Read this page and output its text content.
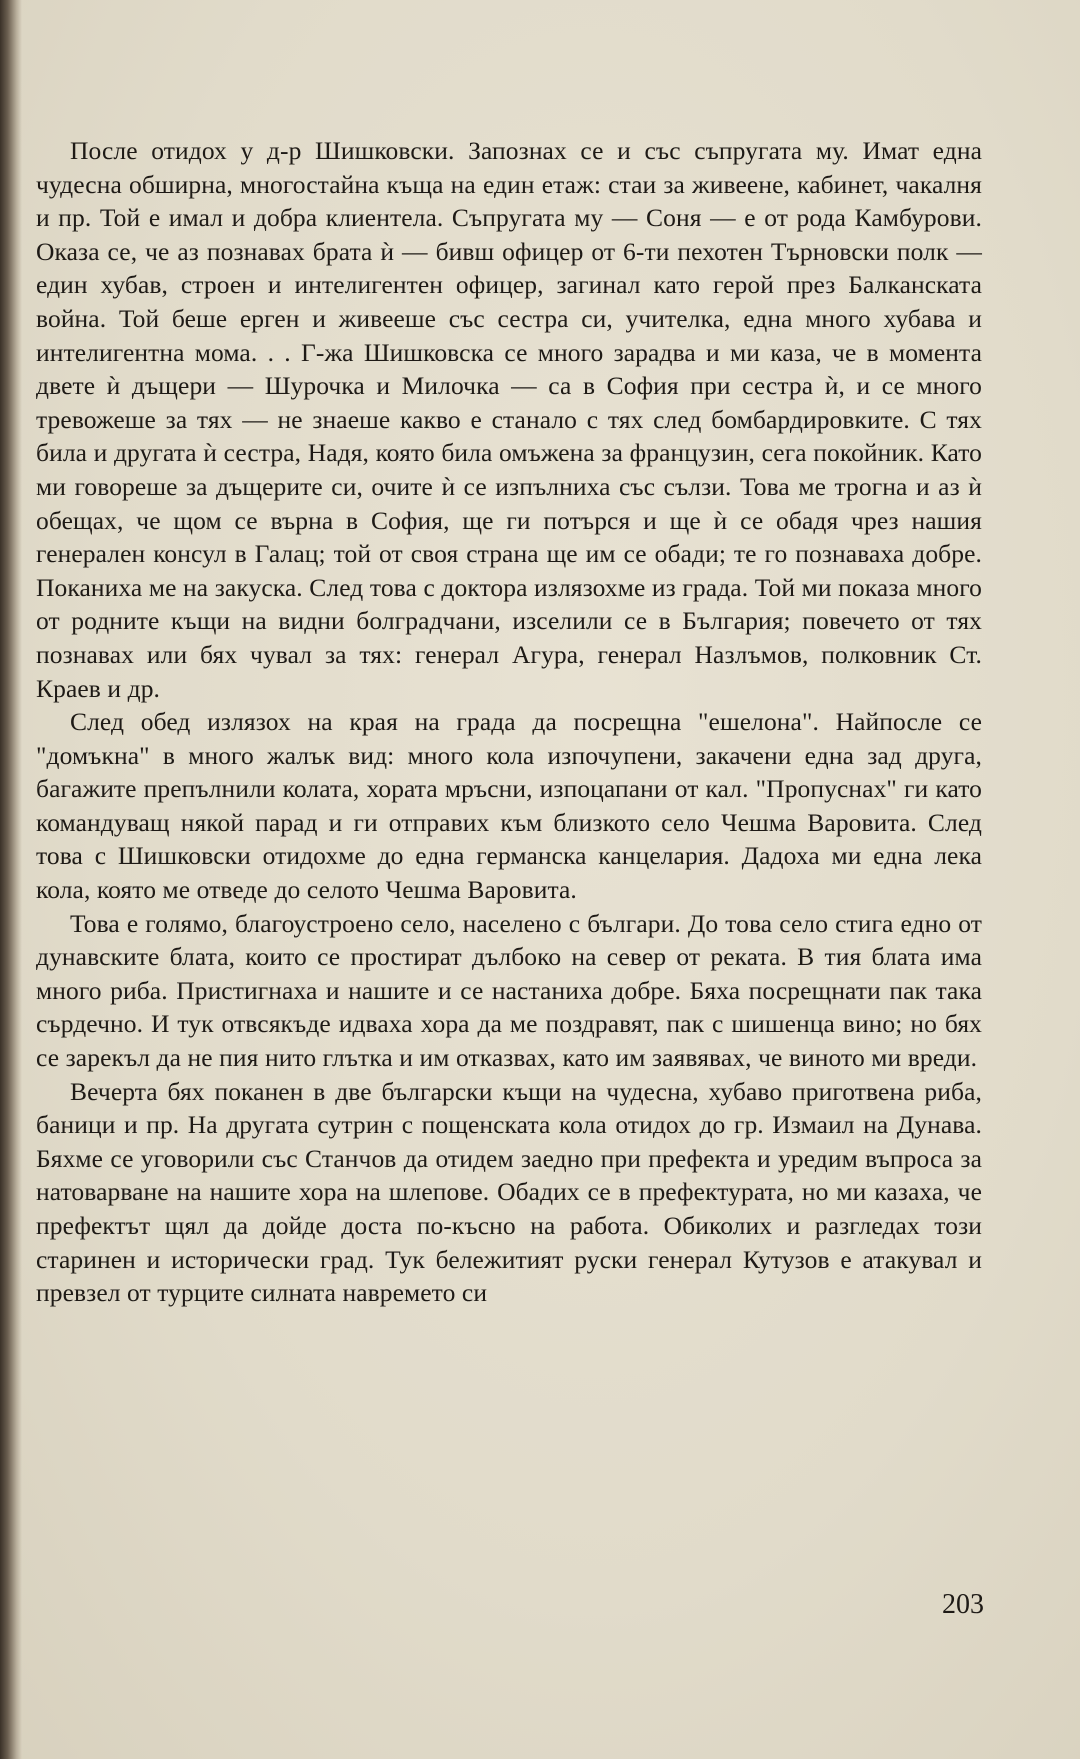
После отидох у д-р Шишковски. Запознах се и със съпругата му. Имат една чудесна обширна, многостайна къща на един етаж: стаи за живеене, кабинет, чакалня и пр. Той е имал и добра клиентела. Съпругата му — Соня — е от рода Камбурови. Оказа се, че аз познавах брата ѝ — бивш офицер от 6-ти пехотен Търновски полк — един хубав, строен и интелигентен офицер, загинал като герой през Балканската война. Той беше ерген и живееше със сестра си, учителка, една много хубава и интелигентна мома. . . Г-жа Шишковска се много зарадва и ми каза, че в момента двете ѝ дъщери — Шурочка и Милочка — са в София при сестра ѝ, и се много тревожеше за тях — не знаеше какво е станало с тях след бомбардировките. С тях била и другата ѝ сестра, Надя, която била омъжена за французин, сега покойник. Като ми говореше за дъщерите си, очите ѝ се изпълниха със сълзи. Това ме трогна и аз ѝ обещах, че щом се върна в София, ще ги потърся и ще ѝ се обадя чрез нашия генерален консул в Галац; той от своя страна ще им се обади; те го познаваха добре. Поканиха ме на закуска. След това с доктора излязохме из града. Той ми показа много от родните къщи на видни болградчани, изселили се в България; повечето от тях познавах или бях чувал за тях: генерал Агура, генерал Назлъмов, полковник Ст. Краев и др.

След обед излязох на края на града да посрещна "ешелона". Найпосле се "домъкна" в много жалък вид: много кола изпочупени, закачени една зад друга, багажите препълнили колата, хората мръсни, изпоцапани от кал. "Пропуснах" ги като командуващ някой парад и ги отправих към близкото село Чешма Варовита. След това с Шишковски отидохме до една германска канцелария. Дадоха ми една лека кола, която ме отведе до селото Чешма Варовита.

Това е голямо, благоустроено село, населено с българи. До това село стига едно от дунавските блата, които се простират дълбоко на север от реката. В тия блата има много риба. Пристигнаха и нашите и се настаниха добре. Бяха посрещнати пак така сърдечно. И тук отвсякъде идваха хора да ме поздравят, пак с шишенца вино; но бях се зарекъл да не пия нито глътка и им отказвах, като им заявявах, че виното ми вреди.

Вечерта бях поканен в две български къщи на чудесна, хубаво приготвена риба, баници и пр. На другата сутрин с пощенската кола отидох до гр. Измаил на Дунава. Бяхме се уговорили със Станчов да отидем заедно при префекта и уредим въпроса за натоварване на нашите хора на шлепове. Обадих се в префектурата, но ми казаха, че префектът щял да дойде доста по-късно на работа. Обиколих и разгледах този старинен и исторически град. Тук бележитият руски генерал Кутузов е атакувал и превзел от турците силната навремето си

203
